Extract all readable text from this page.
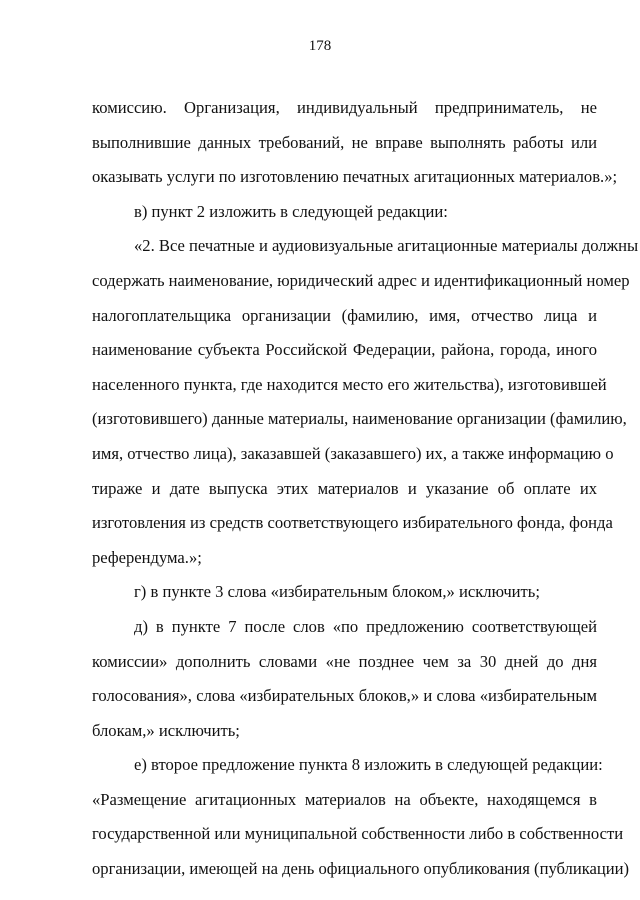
178
комиссию. Организация, индивидуальный предприниматель, не
выполнившие данных требований, не вправе выполнять работы или
оказывать услуги по изготовлению печатных агитационных материалов.»;
в) пункт 2 изложить в следующей редакции:
«2. Все печатные и аудиовизуальные агитационные материалы должны
содержать наименование, юридический адрес и идентификационный номер
налогоплательщика организации (фамилию, имя, отчество лица и
наименование субъекта Российской Федерации, района, города, иного
населенного пункта, где находится место его жительства), изготовившей
(изготовившего) данные материалы, наименование организации (фамилию,
имя, отчество лица), заказавшей (заказавшего) их, а также информацию о
тираже и дате выпуска этих материалов и указание об оплате их
изготовления из средств соответствующего избирательного фонда, фонда
референдума.»;
г) в пункте 3 слова «избирательным блоком,» исключить;
д) в пункте 7 после слов «по предложению соответствующей
комиссии» дополнить словами «не позднее чем за 30 дней до дня
голосования», слова «избирательных блоков,» и слова «избирательным
блокам,» исключить;
е) второе предложение пункта 8 изложить в следующей редакции:
«Размещение агитационных материалов на объекте, находящемся в
государственной или муниципальной собственности либо в собственности
организации, имеющей на день официального опубликования (публикации)
